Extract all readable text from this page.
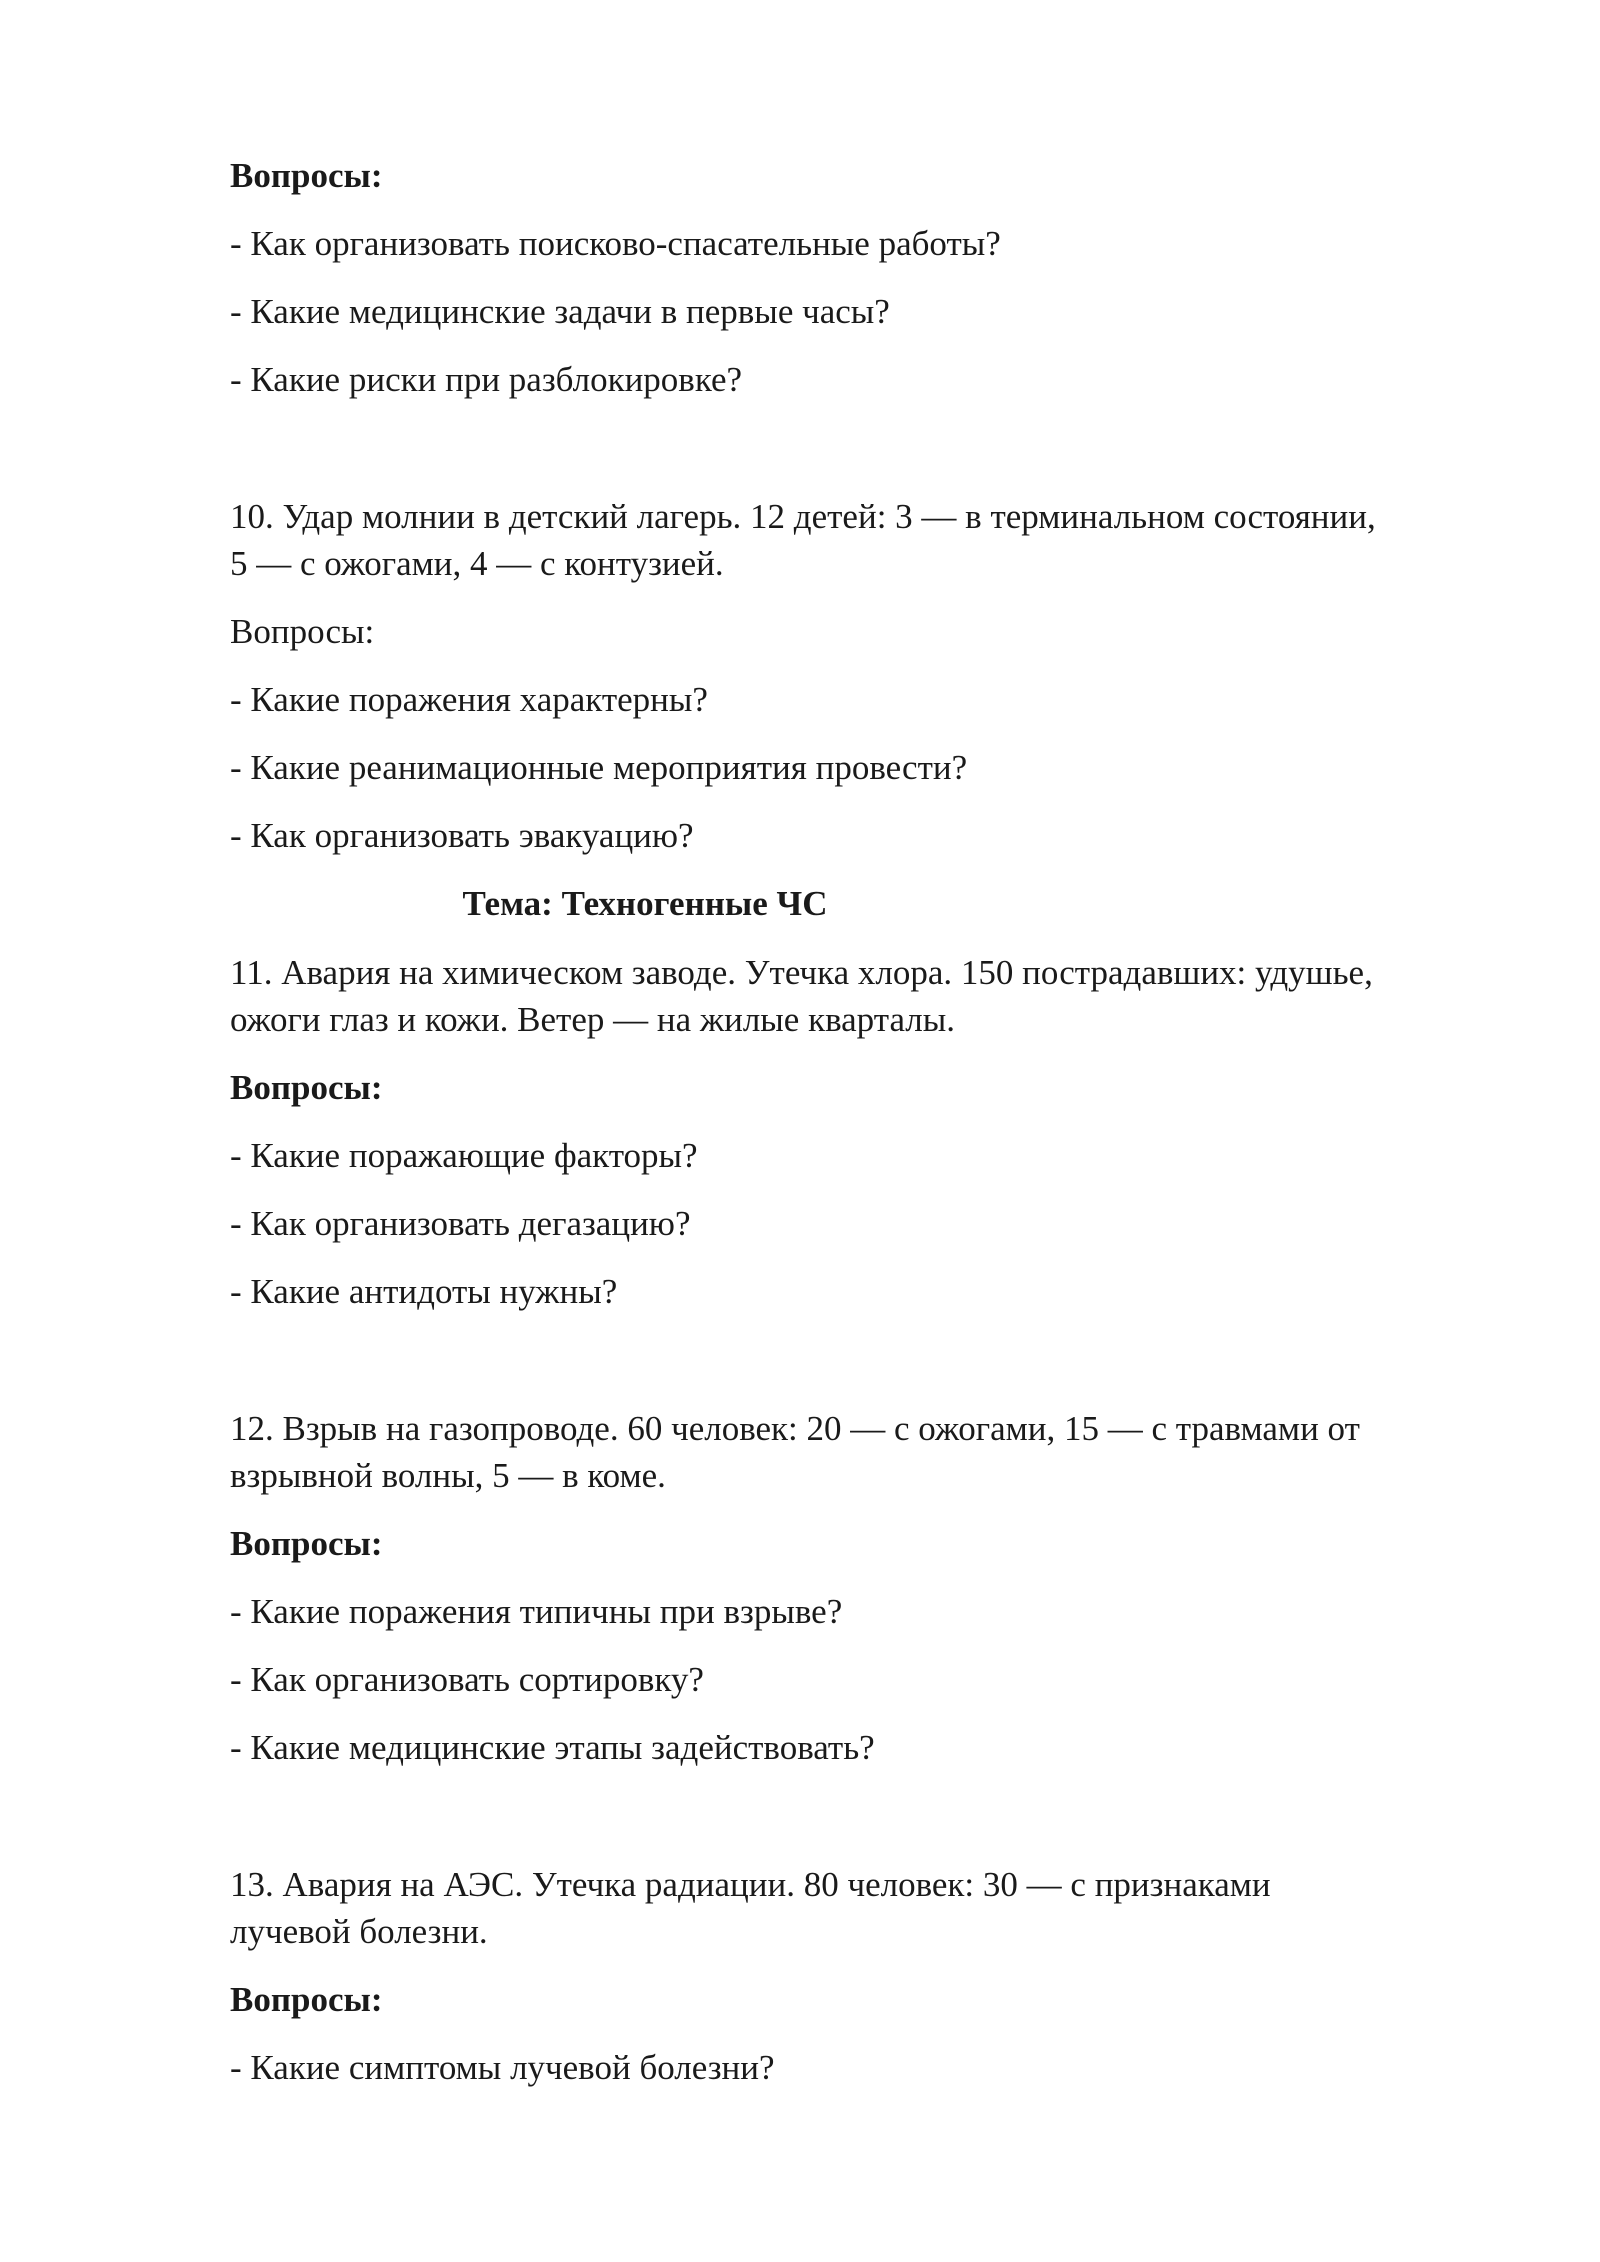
Вопросы:
- Как организовать поисково-спасательные работы?
- Какие медицинские задачи в первые часы?
- Какие риски при разблокировке?
10. Удар молнии в детский лагерь. 12 детей: 3 — в терминальном состоянии,
5 — с ожогами, 4 — с контузией.
Вопросы:
- Какие поражения характерны?
- Какие реанимационные мероприятия провести?
- Как организовать эвакуацию?
Тема: Техногенные ЧС
11. Авария на химическом заводе. Утечка хлора. 150 пострадавших: удушье,
ожоги глаз и кожи. Ветер — на жилые кварталы.
Вопросы:
- Какие поражающие факторы?
- Как организовать дегазацию?
- Какие антидоты нужны?
12. Взрыв на газопроводе. 60 человек: 20 — с ожогами, 15 — с травмами от
взрывной волны, 5 — в коме.
Вопросы:
- Какие поражения типичны при взрыве?
- Как организовать сортировку?
- Какие медицинские этапы задействовать?
13. Авария на АЭС. Утечка радиации. 80 человек: 30 — с признаками
лучевой болезни.
Вопросы:
- Какие симптомы лучевой болезни?
